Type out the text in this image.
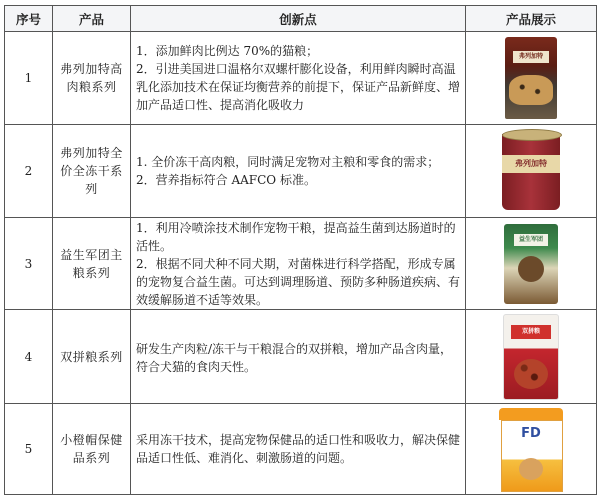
序号	产品	创新点	产品展示
1	弗列加特高肉粮系列	1．添加鲜肉比例达 70%的猫粮；
2．引进美国进口温格尔双螺杆膨化设备，利用鲜肉瞬时高温乳化添加技术在保证均衡营养的前提下，保证产品新鲜度、增加产品适口性、提高消化吸收力	弗列加特

2	弗列加特全价全冻干系列	1. 全价冻干高肉粮，同时满足宠物对主粮和零食的需求；
2．营养指标符合 AAFCO 标准。	弗列加特

3	益生军团主粮系列	1．利用冷喷涂技术制作宠物干粮，提高益生菌到达肠道时的活性。
2．根据不同犬种不同犬期，对菌株进行科学搭配，形成专属的宠物复合益生菌。可达到调理肠道、预防多种肠道疾病、有效缓解肠道不适等效果。	益生军团

4	双拼粮系列	研发生产肉粒/冻干与干粮混合的双拼粮，增加产品含肉量，符合犬猫的食肉天性。	双拼粮

5	小橙帽保健品系列	采用冻干技术，提高宠物保健品的适口性和吸收力，解决保健品适口性低、难消化、刺激肠道的问题。	FD
